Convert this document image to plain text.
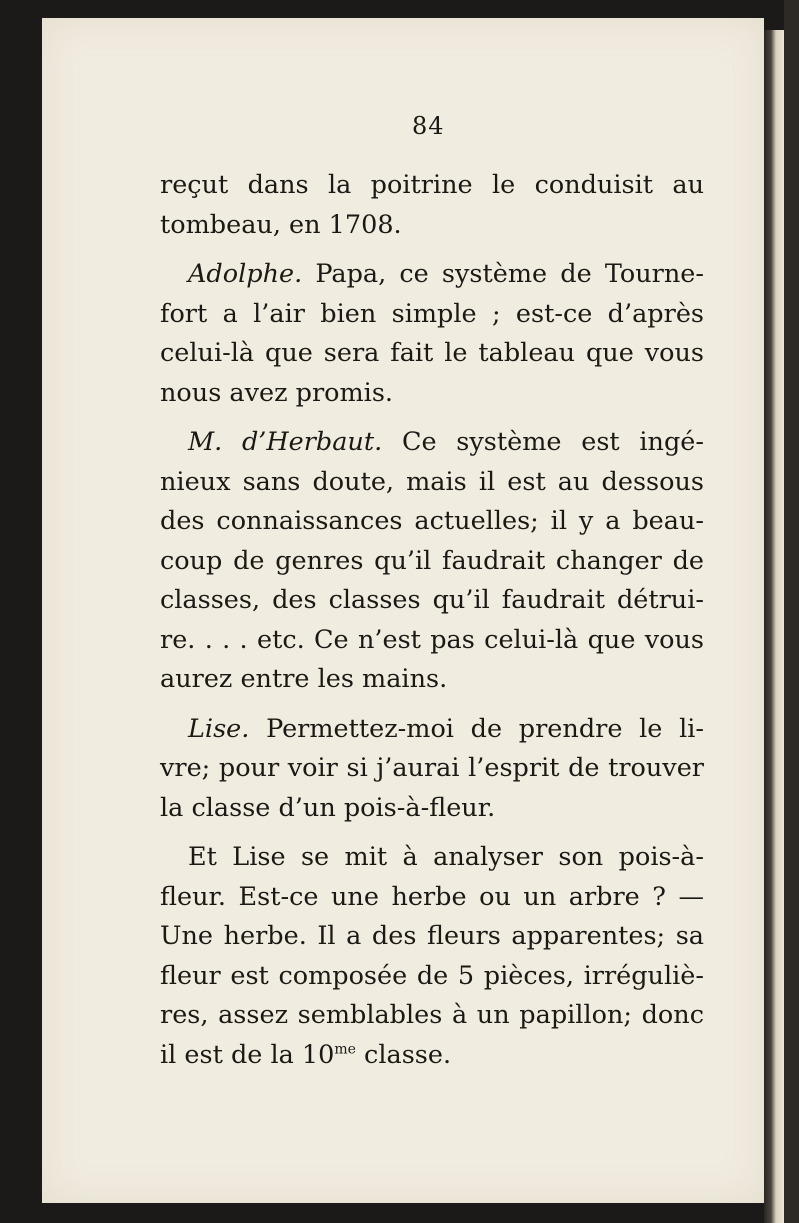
84

reçut dans la poitrine le conduisit au
tombeau, en 1708.

Adolphe. Papa, ce système de Tourne-
fort a l’air bien simple ; est-ce d’après
celui-là que sera fait le tableau que vous
nous avez promis.

M. d’Herbaut. Ce système est ingé-
nieux sans doute, mais il est au dessous
des connaissances actuelles; il y a beau-
coup de genres qu’il faudrait changer de
classes, des classes qu’il faudrait détrui-
re. . . . etc. Ce n’est pas celui-là que vous
aurez entre les mains.

Lise. Permettez-moi de prendre le li-
vre; pour voir si j’aurai l’esprit de trouver
la classe d’un pois-à-fleur.

Et Lise se mit à analyser son pois-à-
fleur. Est-ce une herbe ou un arbre ? —
Une herbe. Il a des fleurs apparentes; sa
fleur est composée de 5 pièces, irréguliè-
res, assez semblables à un papillon; donc
il est de la $10^{me}$ classe.
